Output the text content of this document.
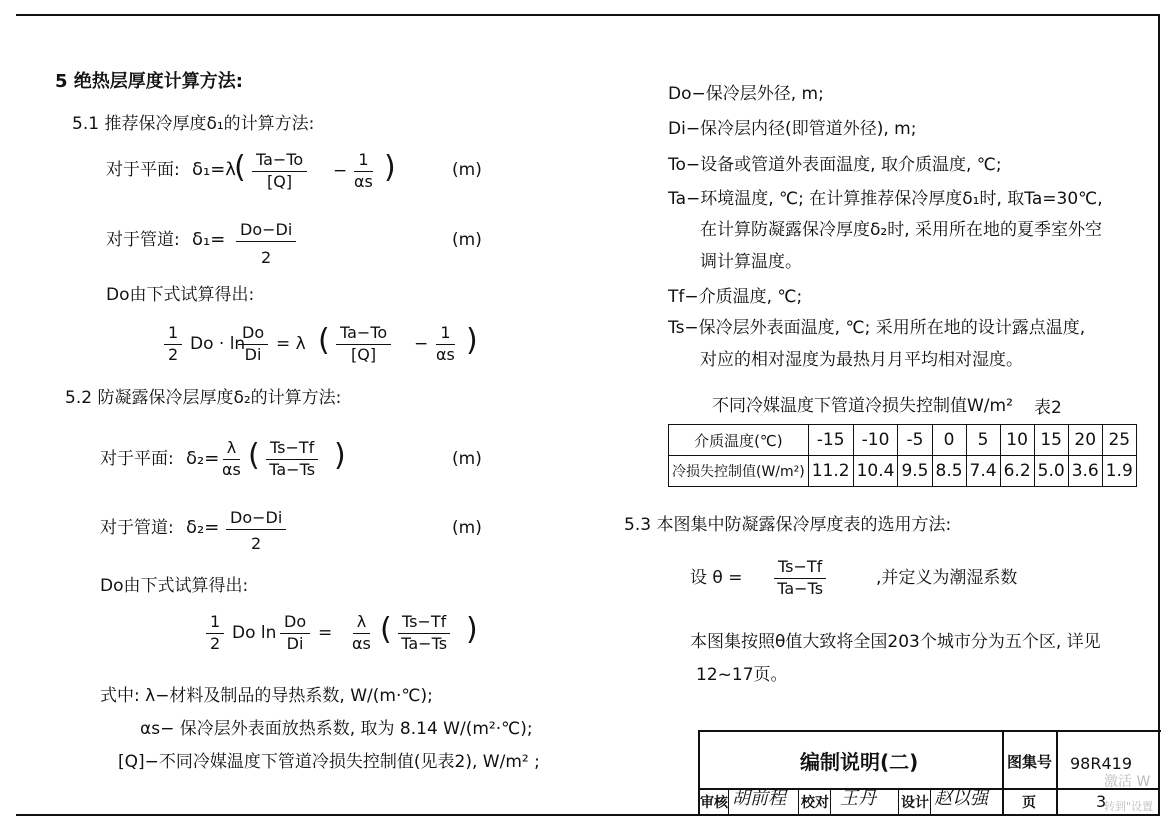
5 绝热层厚度计算方法:
5.1 推荐保冷厚度δ₁的计算方法:
对于平面: δ₁=λ
( $\frac{Ta-To}{[Q]} - \frac{1}{\alpha s}$ )	(m)
对于管道: $\delta_1= \frac{Do-Di}{2}$	(m)
Do由下式试算得出:
$\frac{1}{2}$ Do · ln
$\frac{Do}{Di} = \lambda$ ( $\frac{Ta-To}{[Q]} - \frac{1}{\alpha s}$ )
5.2 防凝露保冷层厚度δ₂的计算方法:
对于平面: $\delta_2= \frac{\lambda}{\alpha s}$ ( $\frac{Ts-Tf}{Ta-Ts}$ )	(m)
对于管道: $\delta_2= \frac{Do-Di}{2}$	(m)
Do由下式试算得出:
$\frac{1}{2}$ Do $\ln \frac{Do}{Di} = \frac{\lambda}{\alpha s}$ ( $\frac{Ts-Tf}{Ta-Ts}$ )
式中: λ−材料及制品的导热系数, W/(m·℃);
αs− 保冷层外表面放热系数, 取为 8.14 W/(m²·℃);
[Q]−不同冷媒温度下管道冷损失控制值(见表2), W/m² ;
Do−保冷层外径, m;
Di−保冷层内径(即管道外径), m;
To−设备或管道外表面温度, 取介质温度, ℃;
Ta−环境温度, ℃; 在计算推荐保冷厚度δ₁时, 取Ta=30℃,
在计算防凝露保冷厚度δ₂时, 采用所在地的夏季室外空
调计算温度。
Tf−介质温度, ℃;
Ts−保冷层外表面温度, ℃; 采用所在地的设计露点温度,
对应的相对湿度为最热月月平均相对湿度。
不同冷媒温度下管道冷损失控制值W/m² 表2
介质温度(℃)	-15	-10	-5	0	5	10	15	20	25
冷损失控制值(W/m²)	11.2	10.4	9.5	8.5	7.4	6.2	5.0	3.6	1.9
5.3 本图集中防凝露保冷厚度表的选用方法:
设 $\theta = \frac{Ts-Tf}{Ta-Ts}$	,并定义为潮湿系数
本图集按照θ值大致将全国203个城市分为五个区, 详见
12~17页。
编制说明(二)	图集号 98R419
审核 胡前程 校对 王丹 设计 赵以强 页	3
激活 W
转到"设置
